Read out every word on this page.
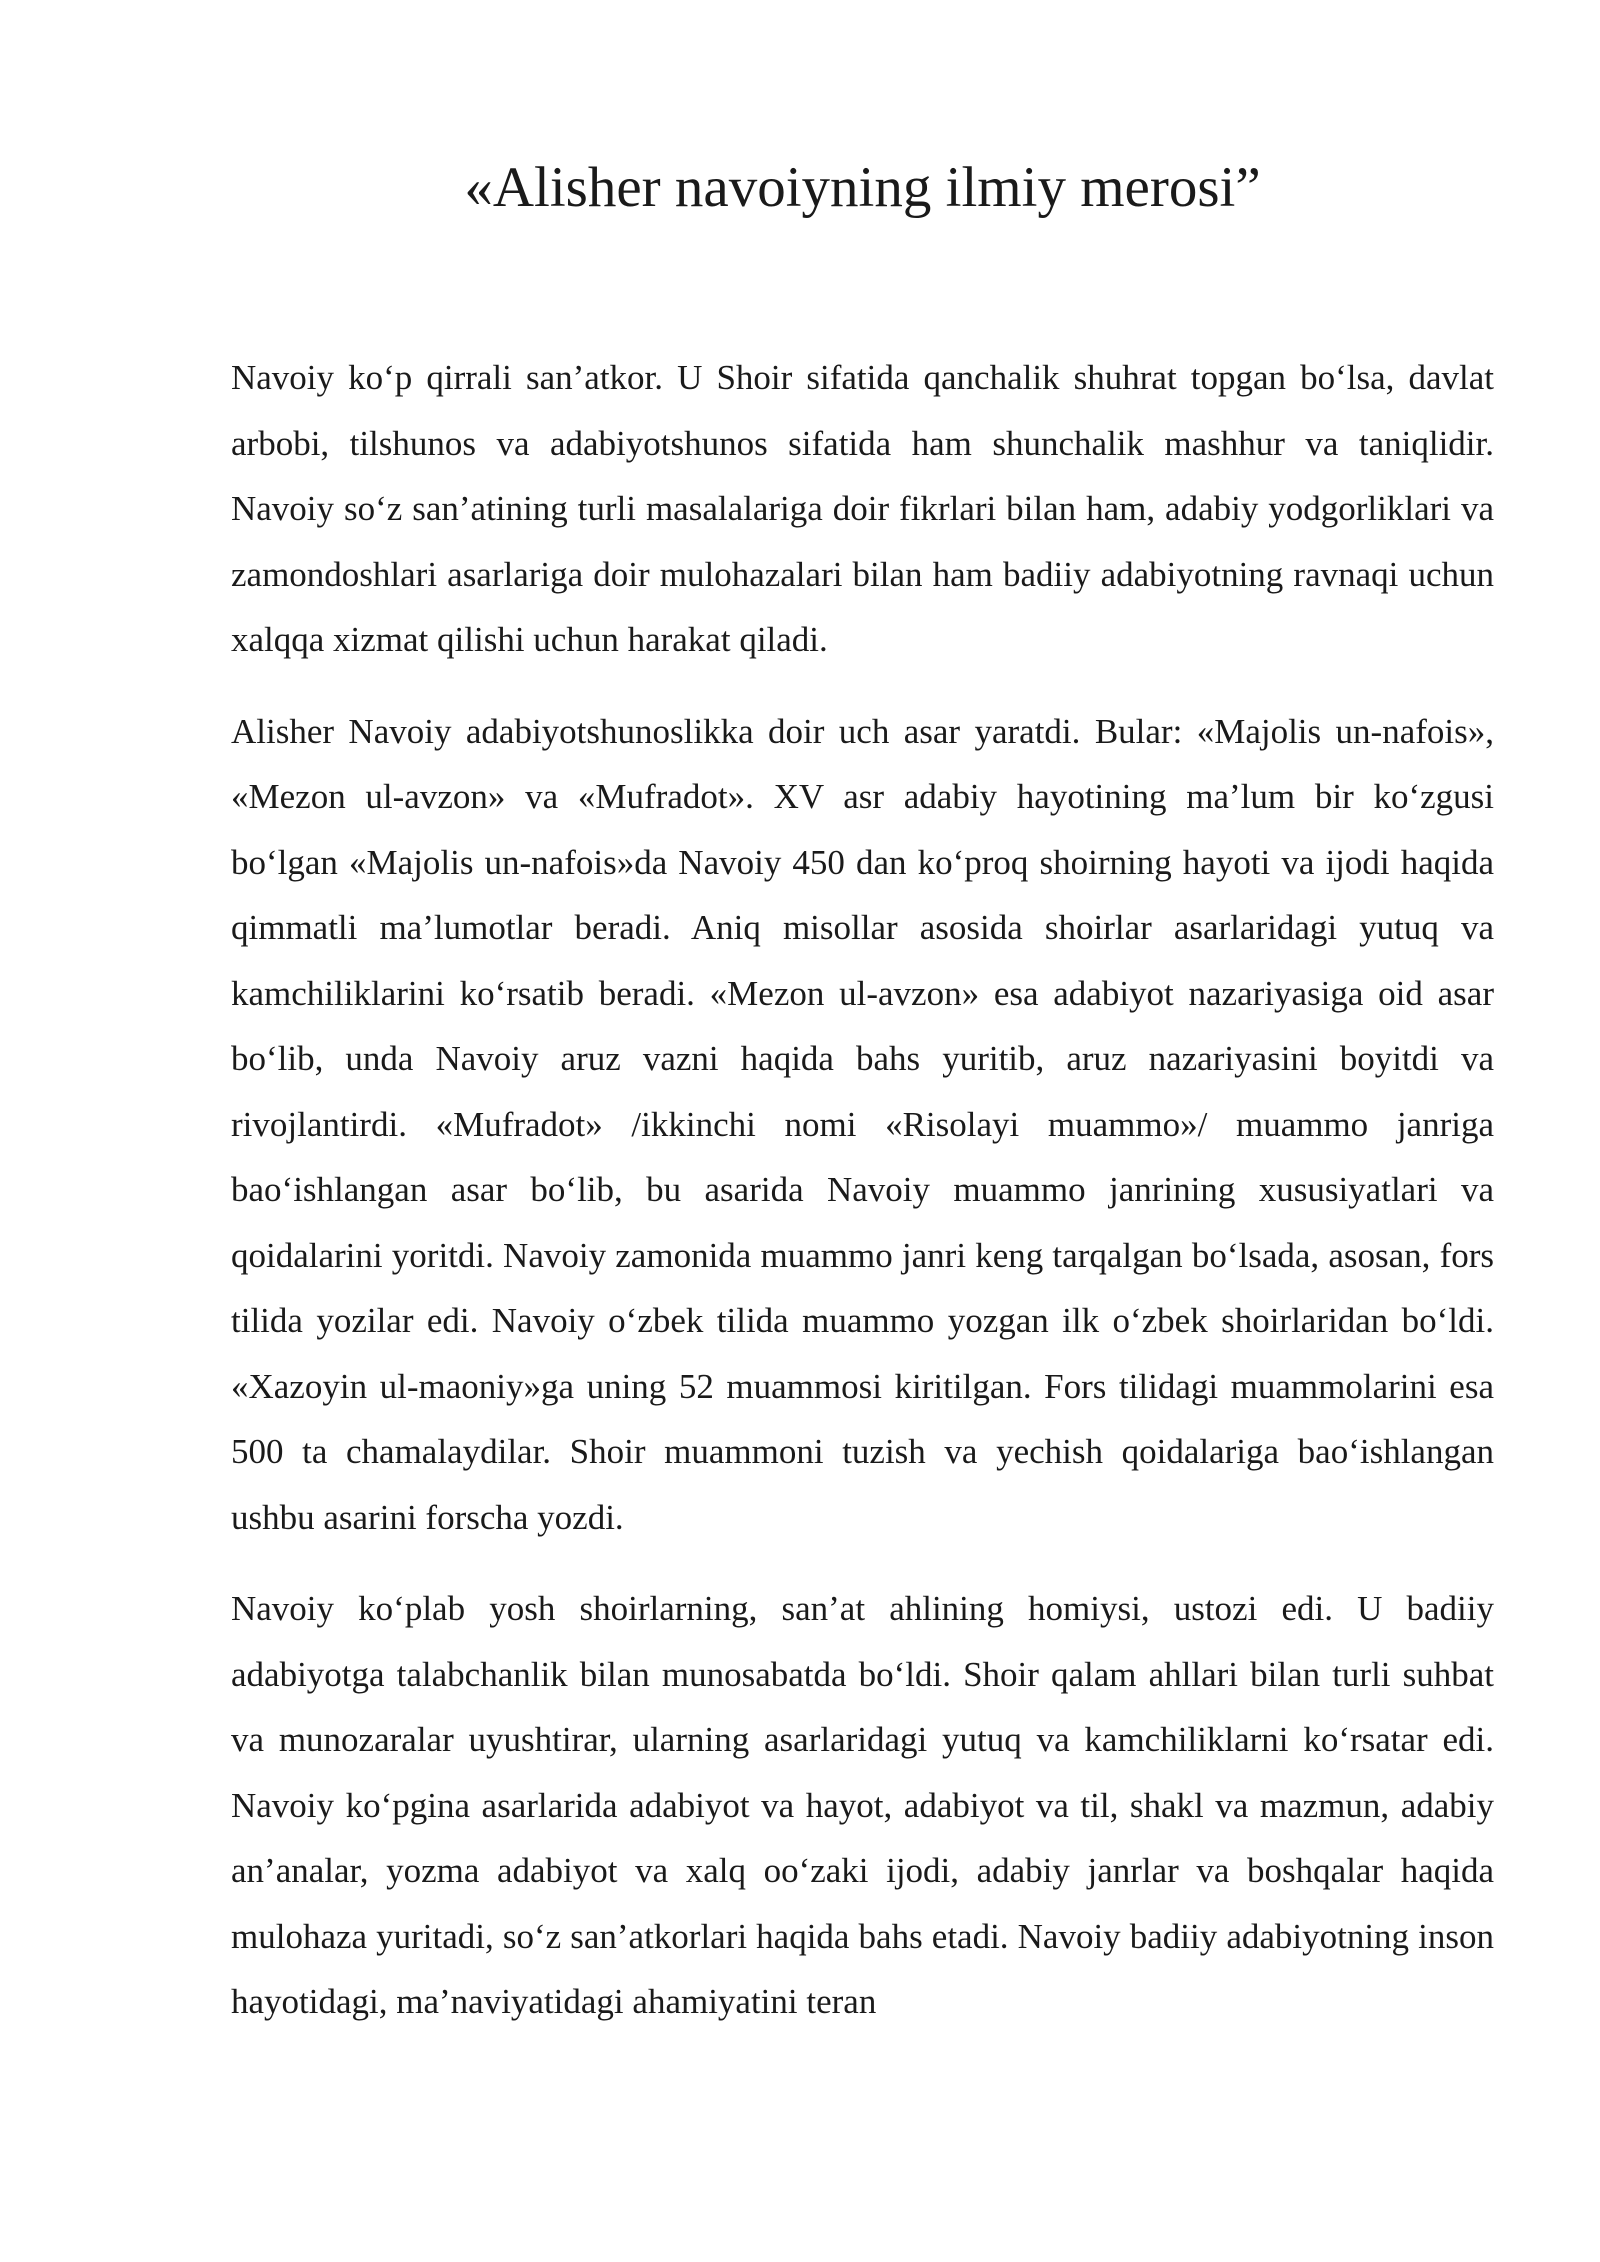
«Alisher navoiyning ilmiy merosi”

Navoiy ko‘p qirrali san’atkor. U Shoir sifatida qanchalik shuhrat topgan bo‘lsa, davlat arbobi, tilshunos va adabiyotshunos sifatida ham shunchalik mashhur va taniqlidir. Navoiy so‘z san’atining turli masalalariga doir fikrlari bilan ham, adabiy yodgorliklari va zamondoshlari asarlariga doir mulohazalari bilan ham badiiy adabiyotning ravnaqi uchun xalqqa xizmat qilishi uchun harakat qiladi.

Alisher Navoiy adabiyotshunoslikka doir uch asar yaratdi. Bular: «Majolis un-nafois», «Mezon ul-avzon» va «Mufradot». XV asr adabiy hayotining ma’lum bir ko‘zgusi bo‘lgan «Majolis un-nafois»da Navoiy 450 dan ko‘proq shoirning hayoti va ijodi haqida qimmatli ma’lumotlar beradi. Aniq misollar asosida shoirlar asarlaridagi yutuq va kamchiliklarini ko‘rsatib beradi. «Mezon ul-avzon» esa adabiyot nazariyasiga oid asar bo‘lib, unda Navoiy aruz vazni haqida bahs yuritib, aruz nazariyasini boyitdi va rivojlantirdi. «Mufradot» /ikkinchi nomi «Risolayi muammo»/ muammo janriga bao‘ishlangan asar bo‘lib, bu asarida Navoiy muammo janrining xususiyatlari va qoidalarini yoritdi. Navoiy zamonida muammo janri keng tarqalgan bo‘lsada, asosan, fors tilida yozilar edi. Navoiy o‘zbek tilida muammo yozgan ilk o‘zbek shoirlaridan bo‘ldi. «Xazoyin ul-maoniy»ga uning 52 muammosi kiritilgan. Fors tilidagi muammolarini esa 500 ta chamalaydilar. Shoir muammoni tuzish va yechish qoidalariga bao‘ishlangan ushbu asarini forscha yozdi.

Navoiy ko‘plab yosh shoirlarning, san’at ahlining homiysi, ustozi edi. U badiiy adabiyotga talabchanlik bilan munosabatda bo‘ldi. Shoir qalam ahllari bilan turli suhbat va munozaralar uyushtirar, ularning asarlaridagi yutuq va kamchiliklarni ko‘rsatar edi. Navoiy ko‘pgina asarlarida adabiyot va hayot, adabiyot va til, shakl va mazmun, adabiy an’analar, yozma adabiyot va xalq oo‘zaki ijodi, adabiy janrlar va boshqalar haqida mulohaza yuritadi, so‘z san’atkorlari haqida bahs etadi. Navoiy badiiy adabiyotning inson hayotidagi, ma’naviyatidagi ahamiyatini teran
